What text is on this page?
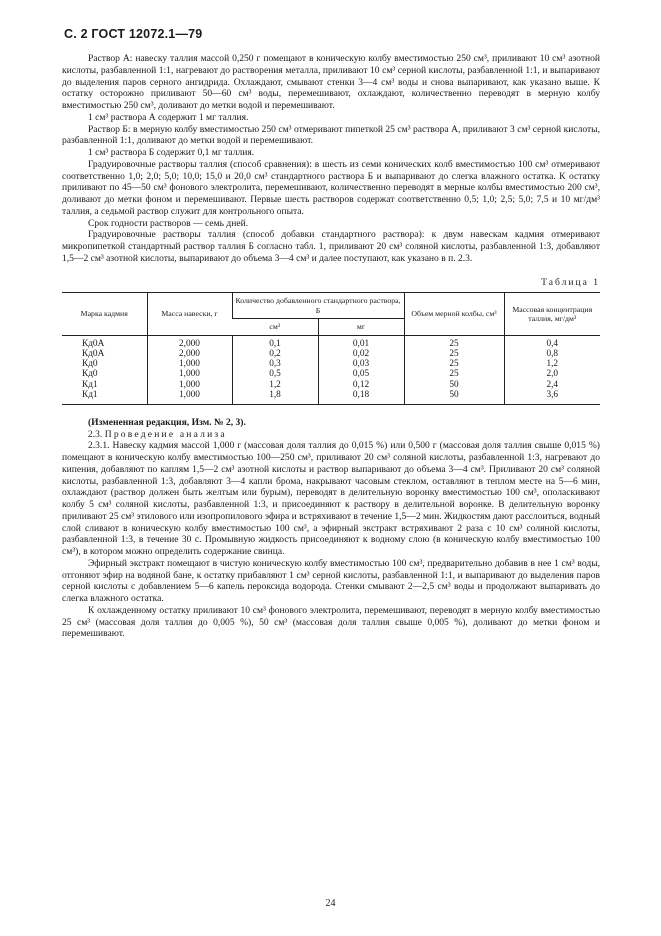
С. 2 ГОСТ 12072.1—79

Раствор А: навеску таллия массой 0,250 г помещают в коническую колбу вместимостью 250 см³, приливают 10 см³ азотной кислоты, разбавленной 1:1, нагревают до растворения металла, приливают 10 см³ серной кислоты, разбавленной 1:1, и выпаривают до выделения паров серного ангидрида. Охлаждают, смывают стенки 3—4 см³ воды и снова выпаривают, как указано выше. К остатку осторожно приливают 50—60 см³ воды, перемешивают, охлаждают, количественно переводят в мерную колбу вместимостью 250 см³, доливают до метки водой и перемешивают.

1 см³ раствора А содержит 1 мг таллия.

Раствор Б: в мерную колбу вместимостью 250 см³ отмеривают пипеткой 25 см³ раствора А, приливают 3 см³ серной кислоты, разбавленной 1:1, доливают до метки водой и перемешивают.

1 см³ раствора Б содержит 0,1 мг таллия.

Градуировочные растворы таллия (способ сравнения): в шесть из семи конических колб вместимостью 100 см³ отмеривают соответственно 1,0; 2,0; 5,0; 10,0; 15,0 и 20,0 см³ стандартного раствора Б и выпаривают до слегка влажного остатка. К остатку приливают по 45—50 см³ фонового электролита, перемешивают, количественно переводят в мерные колбы вместимостью 200 см³, доливают до метки фоном и перемешивают. Первые шесть растворов содержат соответственно 0,5; 1,0; 2,5; 5,0; 7,5 и 10 мг/дм³ таллия, а седьмой раствор служит для контрольного опыта.

Срок годности растворов — семь дней.

Градуировочные растворы таллия (способ добавки стандартного раствора): к двум навескам кадмия отмеривают микропипеткой стандартный раствор таллия Б согласно табл. 1, приливают 20 см³ соляной кислоты, разбавленной 1:3, добавляют 1,5—2 см³ азотной кислоты, выпаривают до объема 3—4 см³ и далее поступают, как указано в п. 2.3.

Таблица 1
Марка кадмия	Масса навески, г	Количество добавленного стандартного раствора, Б		Объем мерной колбы, см³	Массовая концентрация таллия, мг/дм³
		см³	мг		
Кд0А	2,000	0,1	0,01	25	0,4
Кд0А	2,000	0,2	0,02	25	0,8
Кд0	1,000	0,3	0,03	25	1,2
Кд0	1,000	0,5	0,05	25	2,0
Кд1	1,000	1,2	0,12	50	2,4
Кд1	1,000	1,8	0,18	50	3,6

(Измененная редакция, Изм. № 2, 3).

2.3. Проведение анализа

2.3.1. Навеску кадмия массой 1,000 г (массовая доля таллия до 0,015 %) или 0,500 г (массовая доля таллия свыше 0,015 %) помещают в коническую колбу вместимостью 100—250 см³, приливают 20 см³ соляной кислоты, разбавленной 1:3, нагревают до кипения, добавляют по каплям 1,5—2 см³ азотной кислоты и раствор выпаривают до объема 3—4 см³. Приливают 20 см³ соляной кислоты, разбавленной 1:3, добавляют 3—4 капли брома, накрывают часовым стеклом, оставляют в теплом месте на 5—6 мин, охлаждают (раствор должен быть желтым или бурым), переводят в делительную воронку вместимостью 100 см³, ополаскивают колбу 5 см³ соляной кислоты, разбавленной 1:3, и присоединяют к раствору в делительной воронке. В делительную воронку приливают 25 см³ этилового или изопропилового эфира и встряхивают в течение 1,5—2 мин. Жидкостям дают расслоиться, водный слой сливают в коническую колбу вместимостью 100 см³, а эфирный экстракт встряхивают 2 раза с 10 см³ соляной кислоты, разбавленной 1:3, в течение 30 с. Промывную жидкость присоединяют к водному слою (в коническую колбу вместимостью 100 см³), в котором можно определить содержание свинца.

Эфирный экстракт помещают в чистую коническую колбу вместимостью 100 см³, предварительно добавив в нее 1 см³ воды, отгоняют эфир на водяной бане, к остатку прибавляют 1 см³ серной кислоты, разбавленной 1:1, и выпаривают до выделения паров серной кислоты с добавлением 5—6 капель пероксида водорода. Стенки смывают 2—2,5 см³ воды и продолжают выпаривать до слегка влажного остатка.

К охлажденному остатку приливают 10 см³ фонового электролита, перемешивают, переводят в мерную колбу вместимостью 25 см³ (массовая доля таллия до 0,005 %), 50 см³ (массовая доля таллия свыше 0,005 %), доливают до метки фоном и перемешивают.

24
